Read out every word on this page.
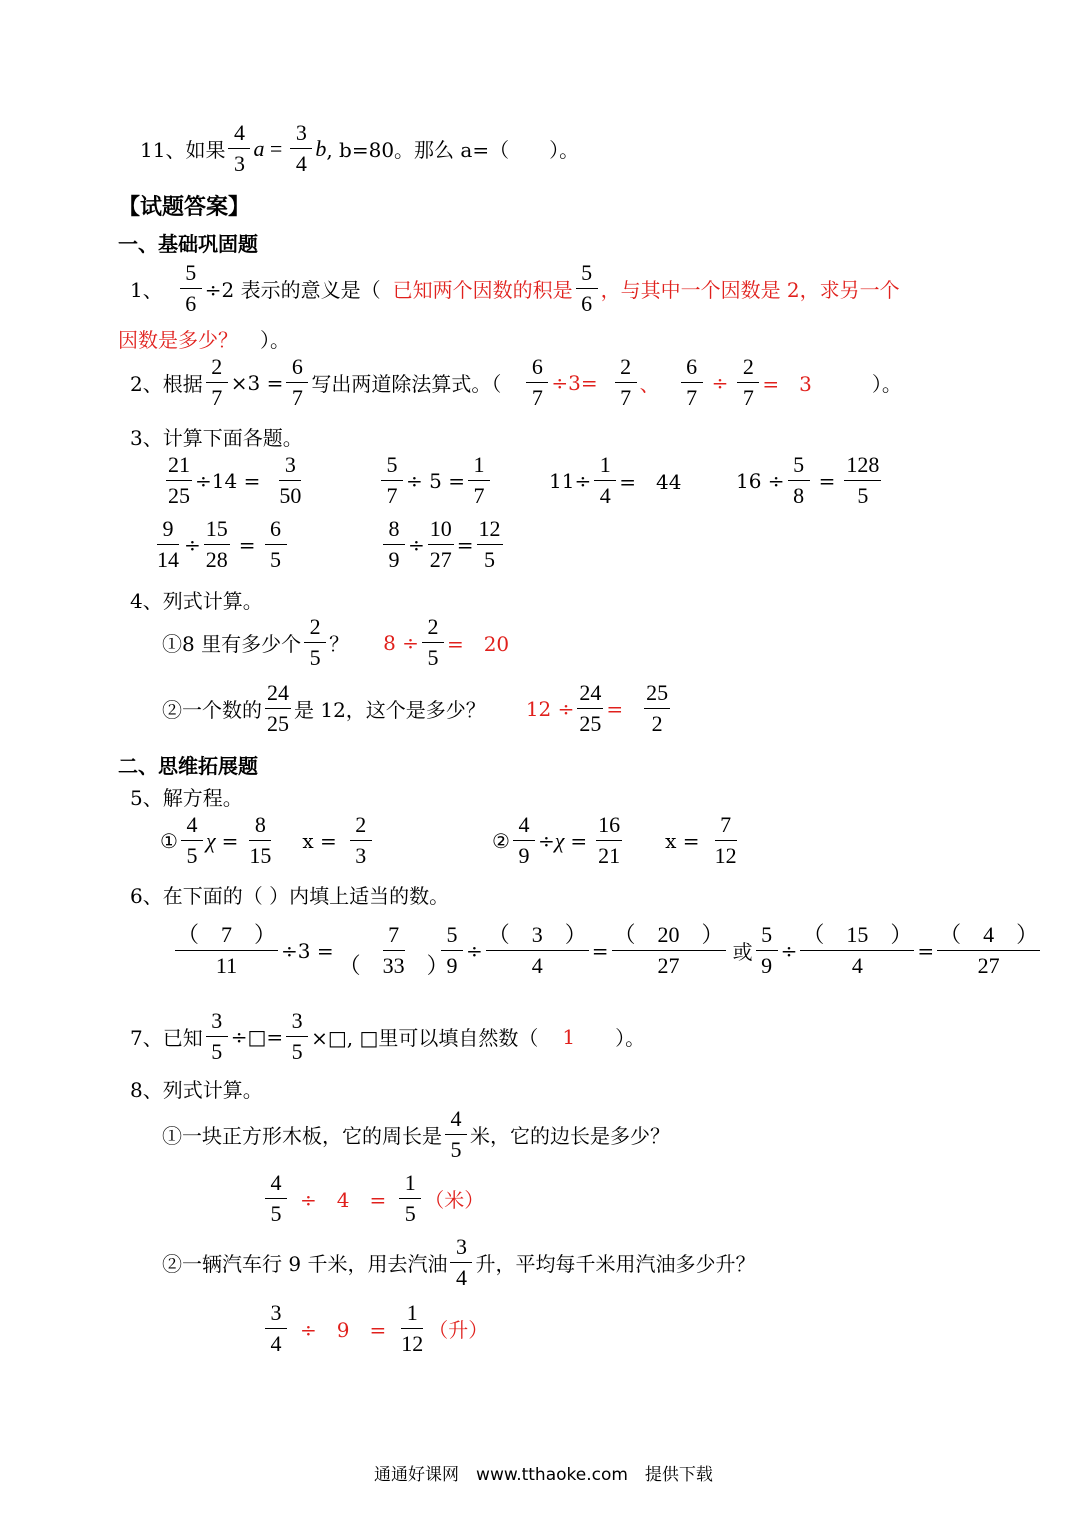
11、如果 $\frac{4}{3}$ $a = \frac{3}{4}$ b , b=80。那么 a=（　　）。
【试题答案】
一、基础巩固题
1、 $\frac{5}{6} \div 2$ 表示的意义是（ 已知两个因数的积是 $\frac{5}{6}$ ，与其中一个因数是 2，求另一个
因数是多少？ ）。
2、根据 $\frac{2}{7} \times 3 = \frac{6}{7}$ 写出两道除法算式。（ $\frac{6}{7} \div 3= \frac{2}{7}$ 、 $\frac{6}{7} \div \frac{2}{7}$ =　3	）。
3、计算下面各题。
$\frac{21}{25} \div 14 = \frac{3}{50}$	$\frac{5}{7} \div 5 = \frac{1}{7}$	$11\div \frac{1}{4}$ =　44	$16 \div \frac{5}{8} = \frac{128}{5}$
$\frac{9}{14} \div \frac{15}{28} = \frac{6}{5}$	$\frac{8}{9} \div \frac{10}{27} = \frac{12}{5}$
4、列式计算。
①8 里有多少个 $\frac{2}{5}$ ？ $8 \div \frac{2}{5}$ =　20
②一个数的 $\frac{24}{25}$ 是 12，这个是多少？ $12 \div \frac{24}{25} = \frac{25}{2}$
二、思维拓展题
5、解方程。
① $\frac{4}{5}$ $\chi = \frac{8}{15}$ $x = \frac{2}{3}$	② $\frac{4}{9} \div \chi = \frac{16}{21}$ $x = \frac{7}{12}$
6、在下面的（ ）内填上适当的数。
$\frac{( 7 )}{11} \div 3 = \frac{7}{( 33 )}$
$\frac{5}{9} \div \frac{( 3 )}{4} = \frac{( 20 )}{27}$ 或 $\frac{5}{9} \div \frac{( 15 )}{4} = \frac{( 4 )}{27}$
7、已知 $\frac{3}{5}$ ÷□= $\frac{3}{5}$ ×□, □里可以填自然数（ 1 ）。
8、列式计算。
①一块正方形木板，它的周长是 $\frac{4}{5}$ 米，它的边长是多少？
$\frac{4}{5}$ ÷　4　= $\frac{1}{5}$ （米）
②一辆汽车行 9 千米，用去汽油 $\frac{3}{4}$ 升，平均每千米用汽油多少升？
$\frac{3}{4}$ ÷　9　= $\frac{1}{12}$ （升）
通通好课网　www.tthaoke.com　提供下载
